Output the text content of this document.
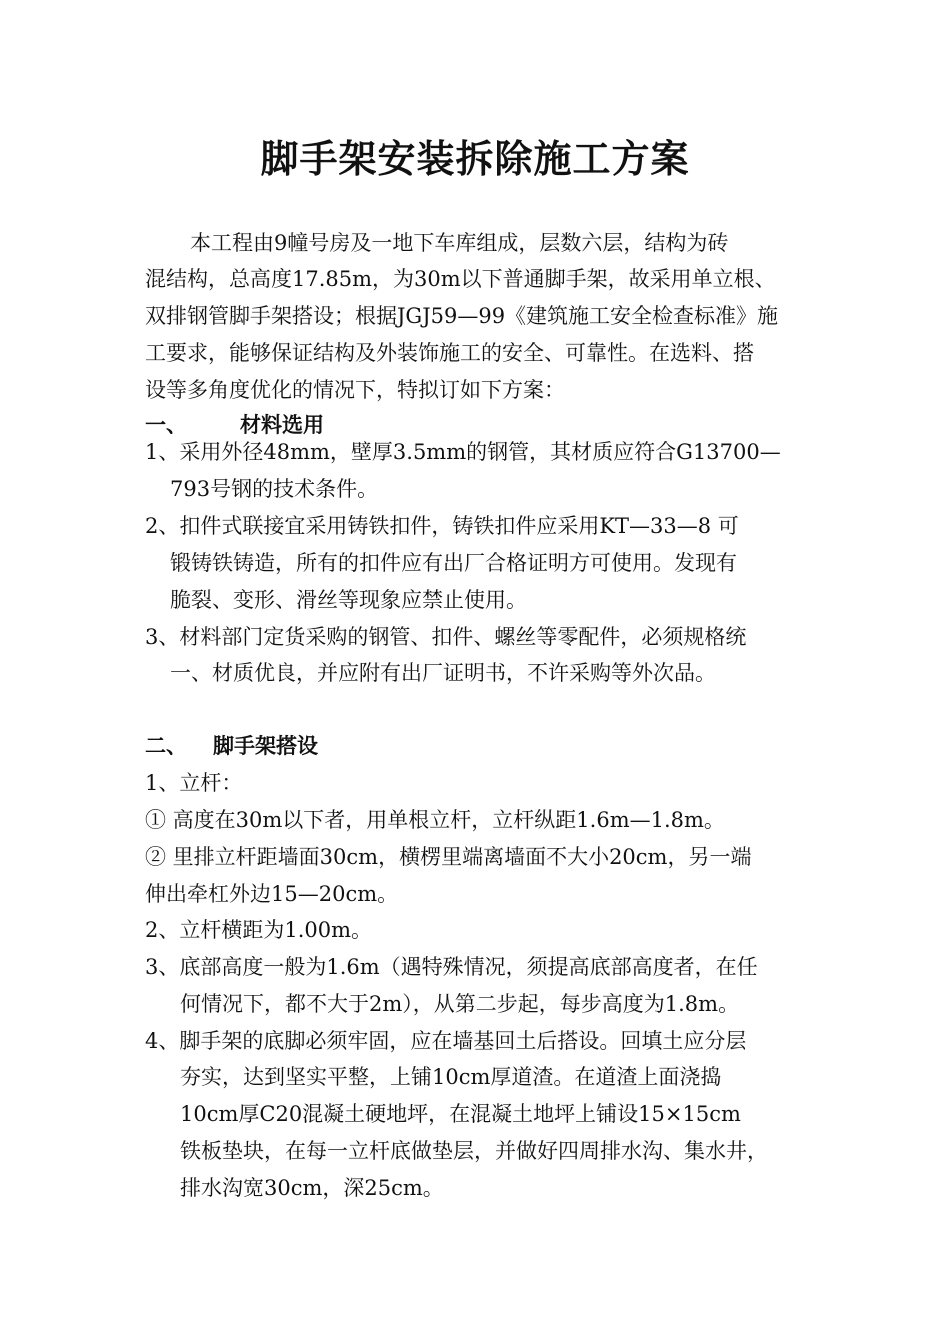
脚手架安装拆除施工方案
本工程由9幢号房及一地下车库组成，层数六层，结构为砖
混结构，总高度17.85m，为30m以下普通脚手架，故采用单立根、
双排钢管脚手架搭设；根据JGJ59—99《建筑施工安全检查标准》施
工要求，能够保证结构及外装饰施工的安全、可靠性。在选料、搭
设等多角度优化的情况下，特拟订如下方案：
一、	材料选用
1、采用外径48mm，壁厚3.5mm的钢管，其材质应符合G13700—
793号钢的技术条件。
2、扣件式联接宜采用铸铁扣件，铸铁扣件应采用KT—33—8 可
锻铸铁铸造，所有的扣件应有出厂合格证明方可使用。发现有
脆裂、变形、滑丝等现象应禁止使用。
3、材料部门定货采购的钢管、扣件、螺丝等零配件，必须规格统
一、材质优良，并应附有出厂证明书，不许采购等外次品。
二、 脚手架搭设
1、立杆：
① 高度在30m以下者，用单根立杆，立杆纵距1.6m—1.8m。
② 里排立杆距墙面30cm，横楞里端离墙面不大小20cm，另一端
伸出牵杠外边15—20cm。
2、立杆横距为1.00m。
3、底部高度一般为1.6m（遇特殊情况，须提高底部高度者，在任
何情况下，都不大于2m），从第二步起，每步高度为1.8m。
4、脚手架的底脚必须牢固，应在墙基回土后搭设。回填土应分层
夯实，达到坚实平整，上铺10cm厚道渣。在道渣上面浇捣
10cm厚C20混凝土硬地坪，在混凝土地坪上铺设15×15cm
铁板垫块，在每一立杆底做垫层，并做好四周排水沟、集水井，
排水沟宽30cm，深25cm。
